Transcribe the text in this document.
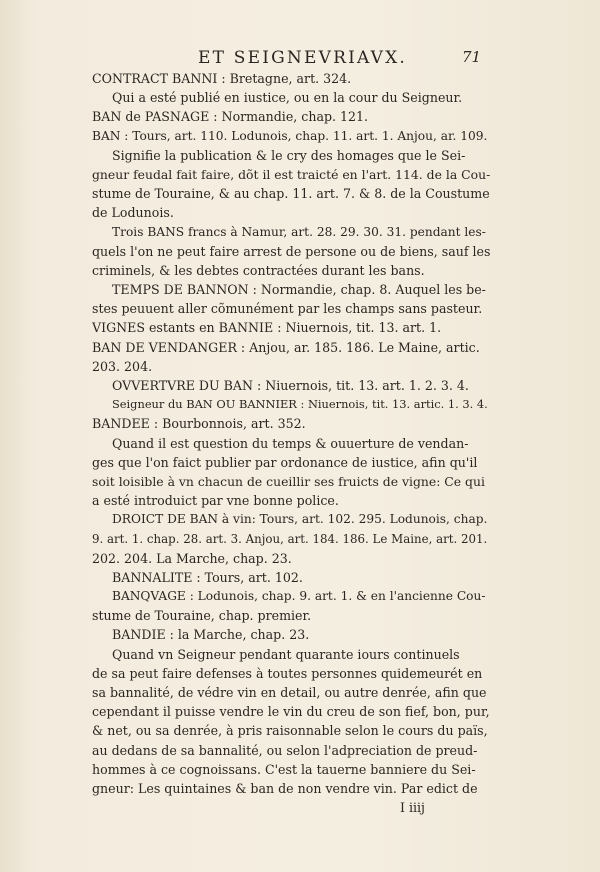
ET SEIGNEVRIAVX.	71
CONTRACT BANNI : Bretagne, art. 324.
Qui a esté publié en iustice, ou en la cour du Seigneur.
BAN de PASNAGE : Normandie, chap. 121.
BAN : Tours, art. 110. Lodunois, chap. 11. art. 1. Anjou, ar. 109.
Signifie la publication & le cry des homages que le Sei-
gneur feudal fait faire, dõt il est traicté en l'art. 114. de la Cou-
stume de Touraine, & au chap. 11. art. 7. & 8. de la Coustume
de Lodunois.
Trois BANS francs à Namur, art. 28. 29. 30. 31. pendant les-
quels l'on ne peut faire arrest de persone ou de biens, sauf les
criminels, & les debtes contractées durant les bans.
TEMPS DE BANNON : Normandie, chap. 8. Auquel les be-
stes peuuent aller cõmunément par les champs sans pasteur.
VIGNES estants en BANNIE : Niuernois, tit. 13. art. 1.
BAN DE VENDANGER : Anjou, ar. 185. 186. Le Maine, artic.
203. 204.
OVVERTVRE DU BAN : Niuernois, tit. 13. art. 1. 2. 3. 4.
Seigneur du BAN OU BANNIER : Niuernois, tit. 13. artic. 1. 3. 4.
BANDEE : Bourbonnois, art. 352.
Quand il est question du temps & ouuerture de vendan-
ges que l'on faict publier par ordonance de iustice, afin qu'il
soit loisible à vn chacun de cueillir ses fruicts de vigne: Ce qui
a esté introduict par vne bonne police.
DROICT DE BAN à vin: Tours, art. 102. 295. Lodunois, chap.
9. art. 1. chap. 28. art. 3. Anjou, art. 184. 186. Le Maine, art. 201.
202. 204. La Marche, chap. 23.
BANNALITE : Tours, art. 102.
BANQVAGE : Lodunois, chap. 9. art. 1. & en l'ancienne Cou-
stume de Touraine, chap. premier.
BANDIE : la Marche, chap. 23.
Quand vn Seigneur pendant quarante iours continuels
de sa peut faire defenses à toutes personnes quidemeurét en
sa bannalité, de védre vin en detail, ou autre denrée, afin que
cependant il puisse vendre le vin du creu de son fief, bon, pur,
& net, ou sa denrée, à pris raisonnable selon le cours du païs,
au dedans de sa bannalité, ou selon l'adpreciation de preud-
hommes à ce cognoissans. C'est la tauerne banniere du Sei-
gneur: Les quintaines & ban de non vendre vin. Par edict de
I iiij
